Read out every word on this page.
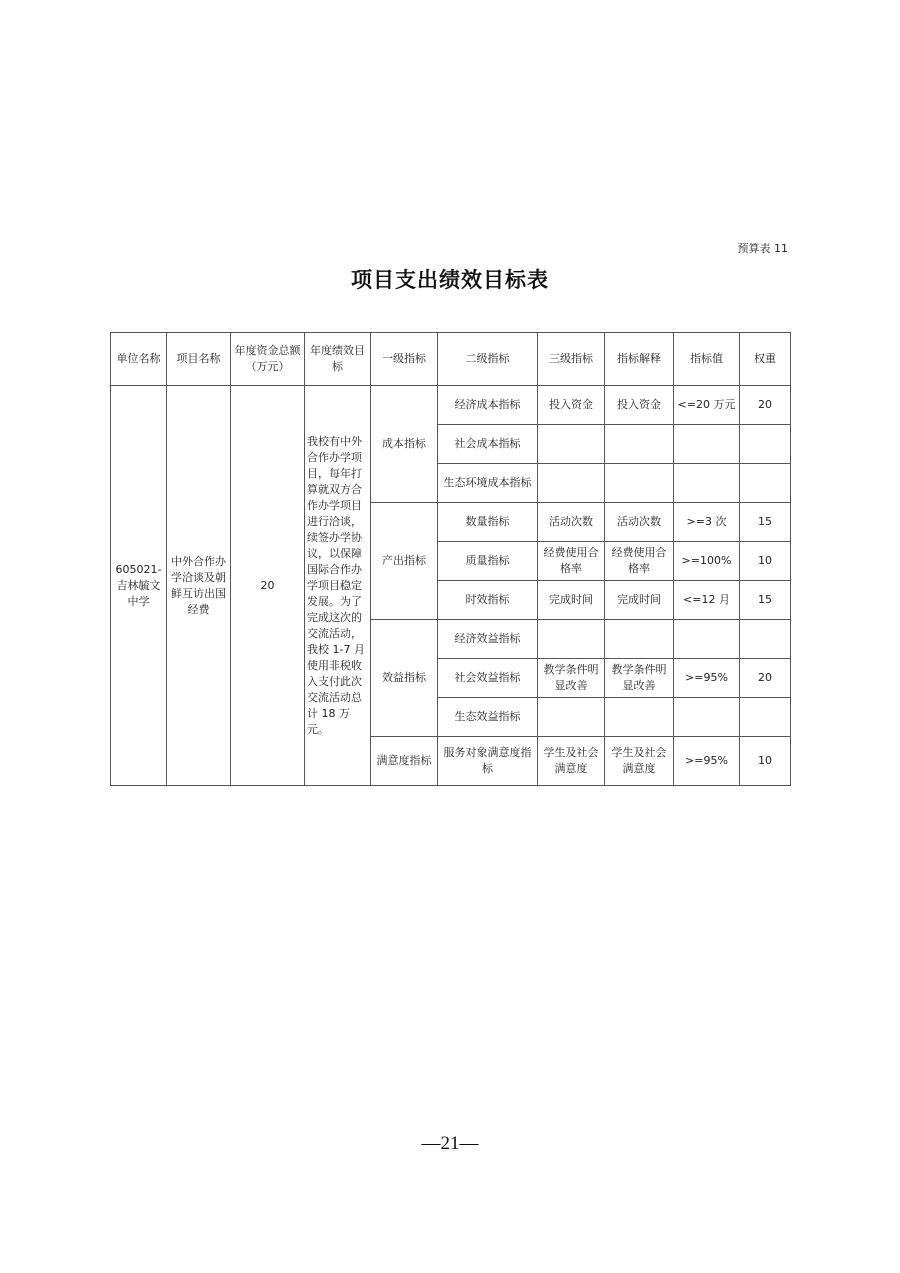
预算表 11
项目支出绩效目标表
单位名称	项目名称	年度资金总额（万元）	年度绩效目标	一级指标	二级指标	三级指标	指标解释	指标值	权重
605021-吉林毓文中学	中外合作办学洽谈及朝鲜互访出国经费	20	我校有中外合作办学项目，每年打算就双方合作办学项目进行洽谈，续签办学协议，以保障国际合作办学项目稳定发展。为了完成这次的交流活动，我校 1-7 月使用非税收入支付此次交流活动总计 18 万元。	成本指标	经济成本指标	投入资金	投入资金	<=20 万元	20
					社会成本指标				
					生态环境成本指标				
				产出指标	数量指标	活动次数	活动次数	>=3 次	15
					质量指标	经费使用合格率	经费使用合格率	>=100%	10
					时效指标	完成时间	完成时间	<=12 月	15
				效益指标	经济效益指标				
					社会效益指标	教学条件明显改善	教学条件明显改善	>=95%	20
					生态效益指标				
				满意度指标	服务对象满意度指标	学生及社会满意度	学生及社会满意度	>=95%	10
—21—
